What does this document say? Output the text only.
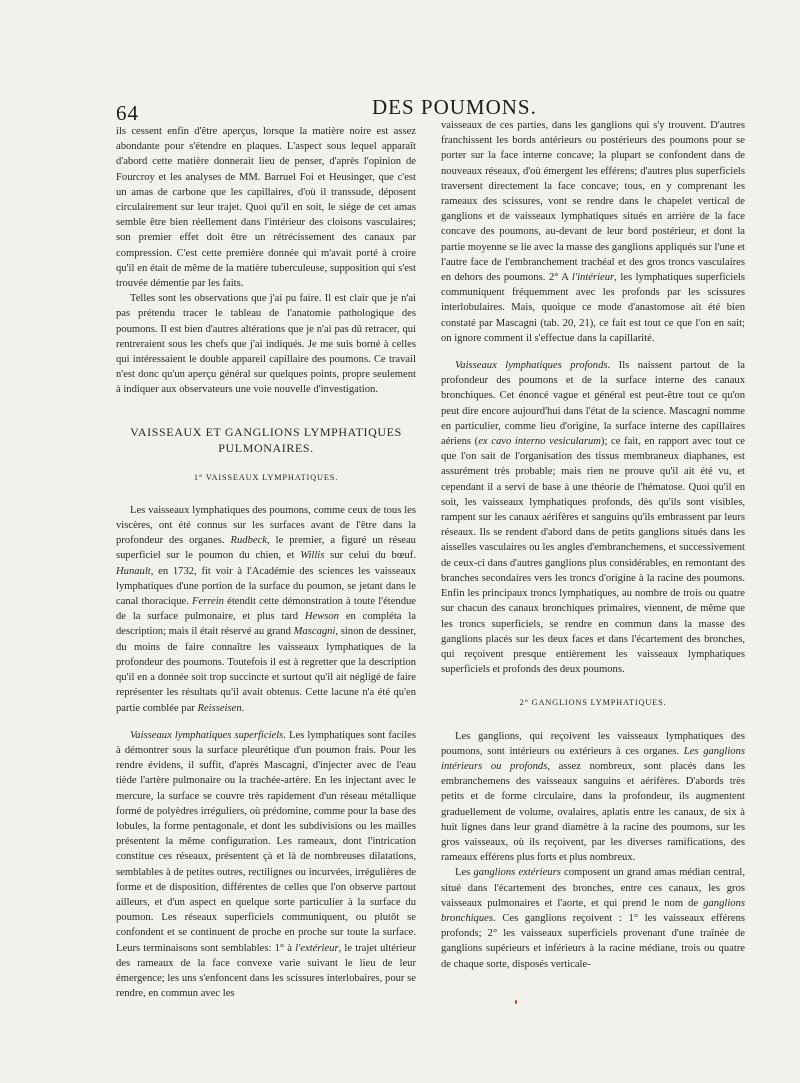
64	DES POUMONS.

ils cessent enfin d'être aperçus, lorsque la matière noire est assez abondante pour s'étendre en plaques. L'aspect sous lequel apparaît d'abord cette matière donnerait lieu de penser, d'après l'opinion de Fourcroy et les analyses de MM. Barruel Foi et Heusinger, que c'est un amas de carbone que les capillaires, d'où il transsude, déposent circulairement sur leur trajet. Quoi qu'il en soit, le siége de cet amas semble être bien réellement dans l'intérieur des cloisons vasculaires; son premier effet doit être un rétrécissement des canaux par compression. C'est cette première donnée qui m'avait porté à croire qu'il en était de même de la matière tuberculeuse, supposition qui s'est trouvée démentie par les faits.

Telles sont les observations que j'ai pu faire. Il est clair que je n'ai pas prétendu tracer le tableau de l'anatomie pathologique des poumons. Il est bien d'autres altérations que je n'ai pas dû retracer, qui rentreraient sous les chefs que j'ai indiqués. Je me suis borné à celles qui intéressaient le double appareil capillaire des poumons. Ce travail n'est donc qu'un aperçu général sur quelques points, propre seulement à indiquer aux observateurs une voie nouvelle d'investigation.

VAISSEAUX ET GANGLIONS LYMPHATIQUES
PULMONAIRES.
1° VAISSEAUX LYMPHATIQUES.

Les vaisseaux lymphatiques des poumons, comme ceux de tous les viscères, ont été connus sur les surfaces avant de l'être dans la profondeur des organes. Rudbeck, le premier, a figuré un réseau superficiel sur le poumon du chien, et Willis sur celui du bœuf. Hunault, en 1732, fit voir à l'Académie des sciences les vaisseaux lymphatiques d'une portion de la surface du poumon, se jetant dans le canal thoracique. Ferrein étendit cette démonstration à toute l'étendue de la surface pulmonaire, et plus tard Hewson en compléta la description; mais il était réservé au grand Mascagni, sinon de dessiner, du moins de faire connaître les vaisseaux lymphatiques de la profondeur des poumons. Toutefois il est à regretter que la description qu'il en a donnée soit trop succincte et surtout qu'il ait négligé de faire représenter les résultats qu'il avait obtenus. Cette lacune n'a été qu'en partie comblée par Reisseisen.

Vaisseaux lymphatiques superficiels. Les lymphatiques sont faciles à démontrer sous la surface pleurétique d'un poumon frais. Pour les rendre évidens, il suffit, d'après Mascagni, d'injecter avec de l'eau tiède l'artère pulmonaire ou la trachée-artère. En les injectant avec le mercure, la surface se couvre très rapidement d'un réseau métallique formé de polyèdres irréguliers, où prédomine, comme pour la base des lobules, la forme pentagonale, et dont les subdivisions ou les mailles présentent la même configuration. Les rameaux, dont l'intrication constitue ces réseaux, présentent çà et là de nombreuses dilatations, semblables à de petites outres, rectilignes ou incurvées, irrégulières de forme et de disposition, différentes de celles que l'on observe partout ailleurs, et d'un aspect en quelque sorte particulier à la surface du poumon. Les réseaux superficiels communiquent, ou plutôt se confondent et se continuent de proche en proche sur toute la surface. Leurs terminaisons sont semblables: 1° à l'extérieur, le trajet ultérieur des rameaux de la face convexe varie suivant le lieu de leur émergence; les uns s'enfoncent dans les scissures interlobaires, pour se rendre, en commun avec les

vaisseaux de ces parties, dans les ganglions qui s'y trouvent. D'autres franchissent les bords antérieurs ou postérieurs des poumons pour se porter sur la face interne concave; la plupart se confondent dans de nouveaux réseaux, d'où émergent les efférens; d'autres plus superficiels traversent directement la face concave; tous, en y comprenant les rameaux des scissures, vont se rendre dans le chapelet vertical de ganglions et de vaisseaux lymphatiques situés en arrière de la face concave des poumons, au-devant de leur bord postérieur, et dont la partie moyenne se lie avec la masse des ganglions appliqués sur l'une et l'autre face de l'embranchement trachéal et des gros troncs vasculaires en dehors des poumons. 2° A l'intérieur, les lymphatiques superficiels communiquent fréquemment avec les profonds par les scissures interlobulaires. Mais, quoique ce mode d'anastomose ait été bien constaté par Mascagni (tab. 20, 21), ce fait est tout ce que l'on en sait; on ignore comment il s'effectue dans la capillarité.

Vaisseaux lymphatiques profonds. Ils naissent partout de la profondeur des poumons et de la surface interne des canaux bronchiques. Cet énoncé vague et général est peut-être tout ce qu'on peut dire encore aujourd'hui dans l'état de la science. Mascagni nomme en particulier, comme lieu d'origine, la surface interne des capillaires aériens (ex cavo interno vesicularum); ce fait, en rapport avec tout ce que l'on sait de l'organisation des tissus membraneux diaphanes, est assurément très probable; mais rien ne prouve qu'il ait été vu, et cependant il a servi de base à une théorie de l'hématose. Quoi qu'il en soit, les vaisseaux lymphatiques profonds, dès qu'ils sont visibles, rampent sur les canaux aérifères et sanguins qu'ils embrassent par leurs réseaux. Ils se rendent d'abord dans de petits ganglions situés dans les aisselles vasculaires ou les angles d'embranchemens, et successivement de ceux-ci dans d'autres ganglions plus considérables, en remontant des branches secondaires vers les troncs d'origine à la racine des poumons. Enfin les principaux troncs lymphatiques, au nombre de trois ou quatre sur chacun des canaux bronchiques primaires, viennent, de même que les troncs superficiels, se rendre en commun dans la masse des ganglions placés sur les deux faces et dans l'écartement des bronches, qui reçoivent presque entièrement les vaisseaux lymphatiques superficiels et profonds des deux poumons.

2° GANGLIONS LYMPHATIQUES.

Les ganglions, qui reçoivent les vaisseaux lymphatiques des poumons, sont intérieurs ou extérieurs à ces organes. Les ganglions intérieurs ou profonds, assez nombreux, sont placés dans les embranchemens des vaisseaux sanguins et aérifères. D'abords très petits et de forme circulaire, dans la profondeur, ils augmentent graduellement de volume, ovalaires, aplatis entre les canaux, de six à huit lignes dans leur grand diamètre à la racine des poumons, sur les gros vaisseaux, où ils reçoivent, par les diverses ramifications, des rameaux efférens plus forts et plus nombreux.

Les ganglions extérieurs composent un grand amas médian central, situé dans l'écartement des bronches, entre ces canaux, les gros vaisseaux pulmonaires et l'aorte, et qui prend le nom de ganglions bronchiques. Ces ganglions reçoivent : 1° les vaisseaux efférens profonds; 2° les vaisseaux superficiels provenant d'une traînée de ganglions supérieurs et inférieurs à la racine médiane, trois ou quatre de chaque sorte, disposés verticale-
